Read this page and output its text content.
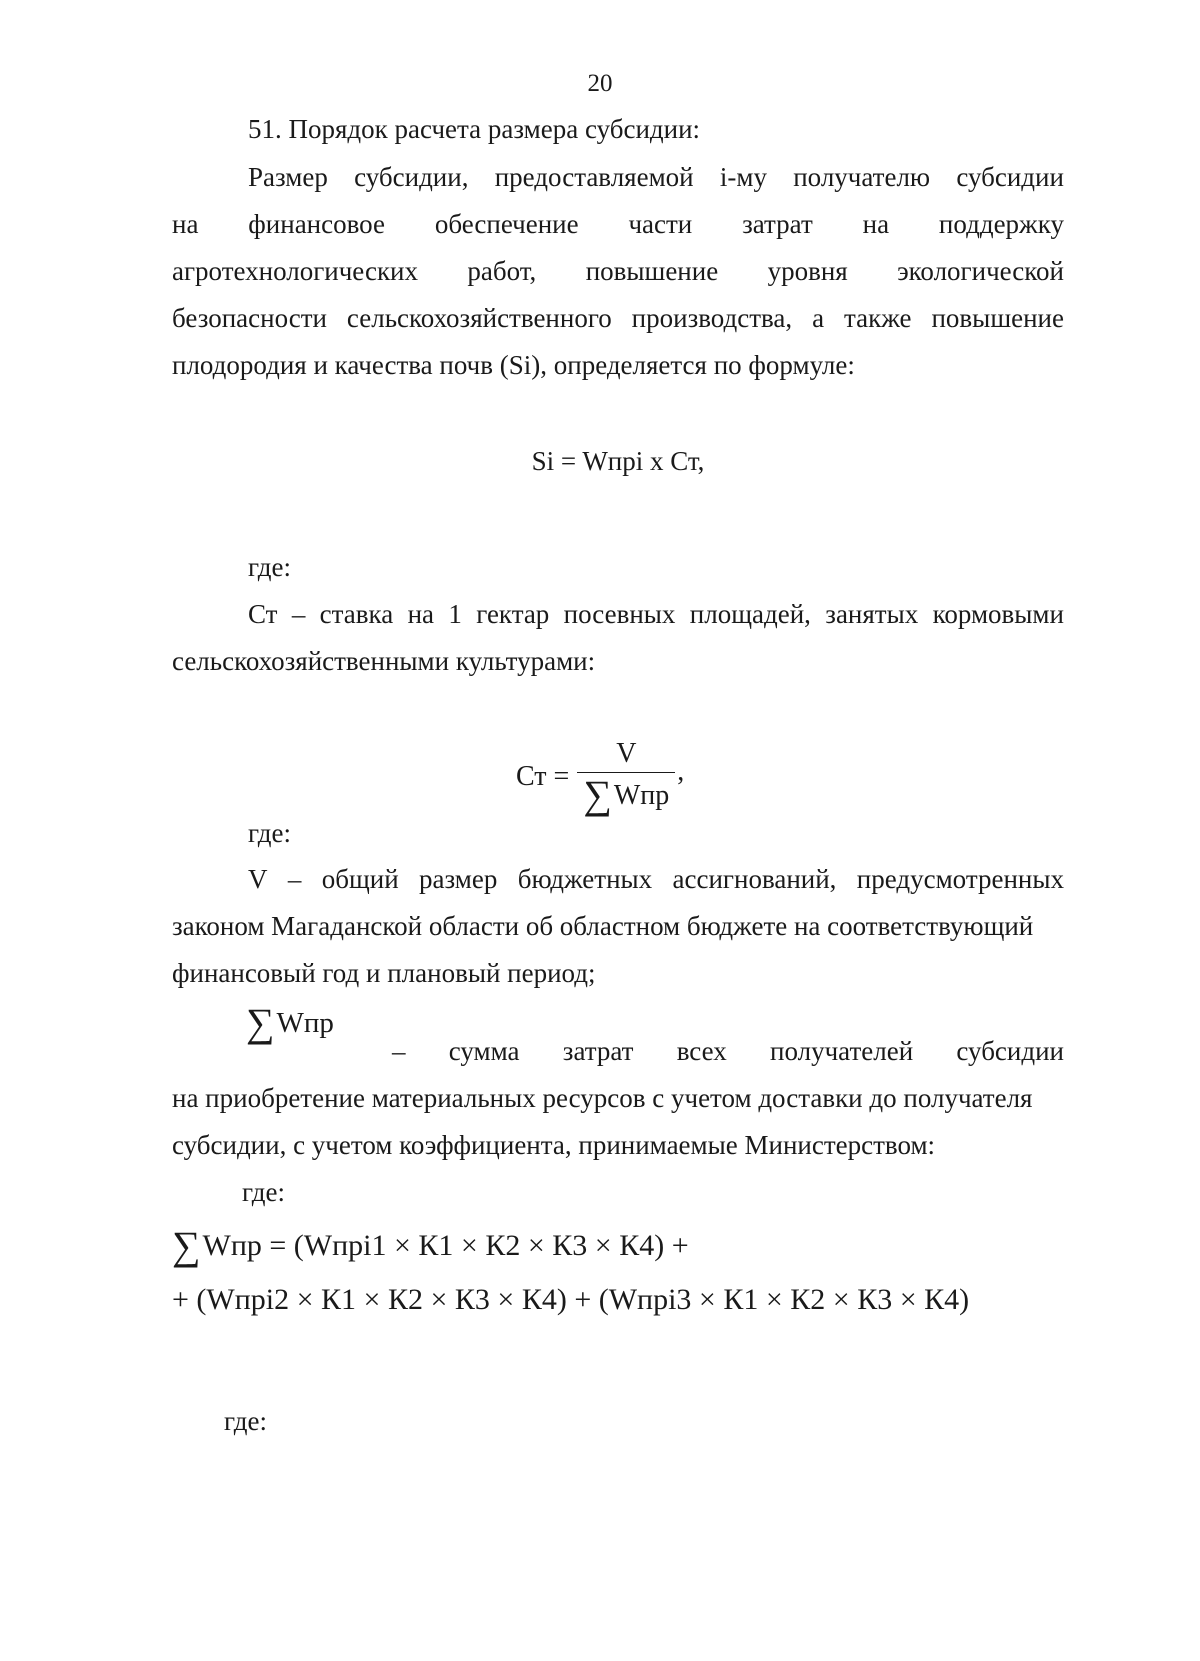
20
51. Порядок расчета размера субсидии:
Размер субсидии, предоставляемой i-му получателю субсидии
на финансовое обеспечение части затрат на поддержку
агротехнологических работ, повышение уровня экологической
безопасности сельскохозяйственного производства, а также повышение
плодородия и качества почв (Si), определяется по формуле:
Si = Wпрi х Ст,
где:
Ст – ставка на 1 гектар посевных площадей, занятых кормовыми
сельскохозяйственными культурами:
Ст = $\frac{V}{\text{∑Wпр}}$ ,
где:
V – общий размер бюджетных ассигнований, предусмотренных
законом Магаданской области об областном бюджете на соответствующий
финансовый год и плановый период;
∑Wпр
– сумма затрат всех получателей субсидии
на приобретение материальных ресурсов с учетом доставки до получателя
субсидии, с учетом коэффициента, принимаемые Министерством:
где:
∑Wпр = (Wпрi1 × К1 × К2 × К3 × К4) +
+ (Wпрi2 × К1 × К2 × К3 × К4) + (Wпрi3 × К1 × К2 × К3 × К4)
где:
